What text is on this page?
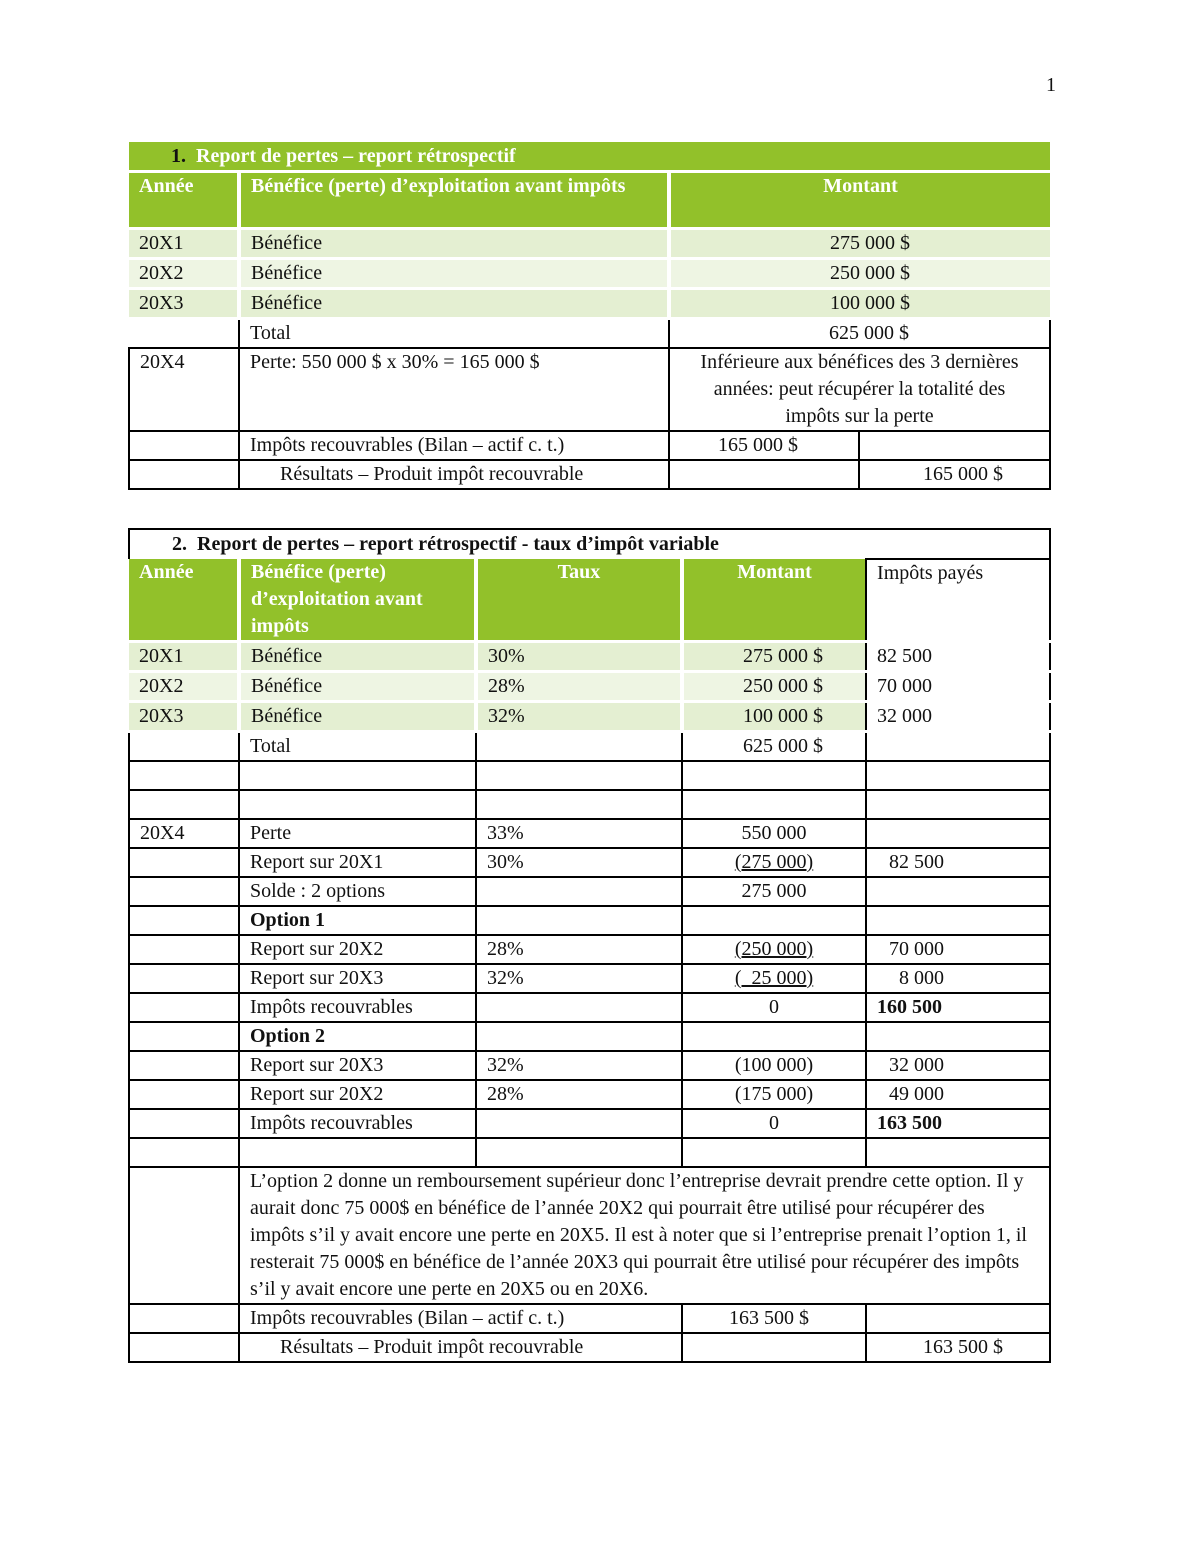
1
1. Report de pertes – report rétrospectif			
Année	Bénéfice (perte) d’exploitation avant impôts	Montant	
20X1	Bénéfice	275 000 $	
20X2	Bénéfice	250 000 $	
20X3	Bénéfice	100 000 $	
	Total	625 000 $	
20X4	Perte: 550 000 $ x 30% = 165 000 $	Inférieure aux bénéfices des 3 dernières années: peut récupérer la totalité des impôts sur la perte	
	Impôts recouvrables (Bilan – actif c. t.)	165 000 $	
	Résultats – Produit impôt recouvrable		165 000 $
2. Report de pertes – report rétrospectif - taux d’impôt variable				
Année	Bénéfice (perte) d’exploitation avant impôts	Taux	Montant	Impôts payés
20X1	Bénéfice	30%	275 000 $	82 500
20X2	Bénéfice	28%	250 000 $	70 000
20X3	Bénéfice	32%	100 000 $	32 000
	Total		625 000 $	

20X4	Perte	33%	550 000	
	Report sur 20X1	30%	(275 000)	82 500
	Solde : 2 options		275 000	
	Option 1			
	Report sur 20X2	28%	(250 000)	70 000
	Report sur 20X3	32%	(  25 000)	8 000
	Impôts recouvrables		0	160 500
	Option 2			
	Report sur 20X3	32%	(100 000)	32 000
	Report sur 20X2	28%	(175 000)	49 000
	Impôts recouvrables		0	163 500

	L’option 2 donne un remboursement supérieur donc l’entreprise devrait prendre cette option. Il y aurait donc 75 000$ en bénéfice de l’année 20X2 qui pourrait être utilisé pour récupérer des impôts s’il y avait encore une perte en 20X5. Il est à noter que si l’entreprise prenait l’option 1, il resterait 75 000$ en bénéfice de l’année 20X3 qui pourrait être utilisé pour récupérer des impôts s’il y avait encore une perte en 20X5 ou en 20X6.			
	Impôts recouvrables (Bilan – actif c. t.)		163 500 $	
	Résultats – Produit impôt recouvrable			163 500 $
